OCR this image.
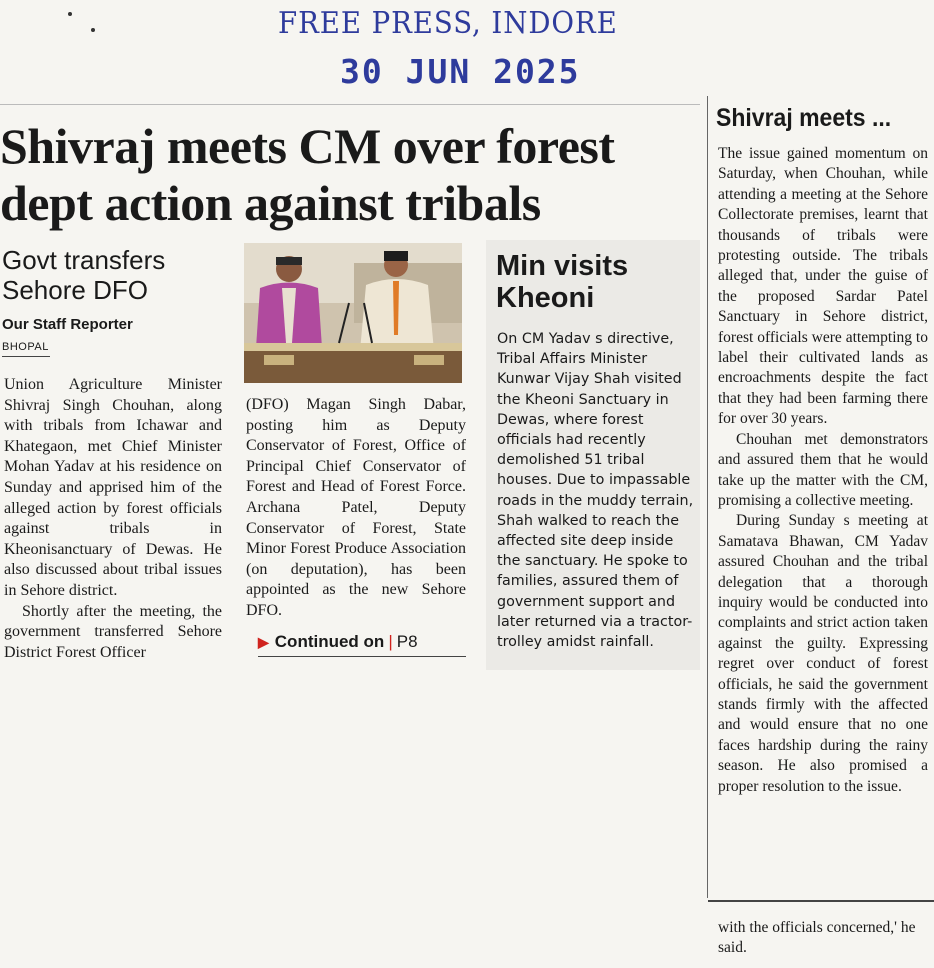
FREE PRESS, INDORE
30 JUN 2025
Shivraj meets CM over forest
dept action against tribals
Govt transfers
Sehore DFO
Our Staff Reporter
BHOPAL

Union Agriculture Minister Shivraj Singh Chouhan, along with tribals from Ichawar and Khategaon, met Chief Minister Mohan Yadav at his residence on Sunday and apprised him of the alleged action by forest officials against tribals in Kheonisanctuary of Dewas. He also discussed about tribal issues in Sehore district.

Shortly after the meeting, the government transferred Sehore District Forest Officer

(DFO) Magan Singh Dabar, posting him as Deputy Conservator of Forest, Office of Principal Chief Conservator of Forest and Head of Forest Force. Archana Patel, Deputy Conservator of Forest, State Minor Forest Produce Association (on deputation), has been appointed as the new Sehore DFO.

▶ Continued on | P8
Min visits
Kheoni
On CM Yadav s directive, Tribal Affairs Minister Kunwar Vijay Shah visited the Kheoni Sanctuary in Dewas, where forest officials had recently demolished 51 tribal houses. Due to impassable roads in the muddy terrain, Shah walked to reach the affected site deep inside the sanctuary. He spoke to families, assured them of government support and later returned via a tractor-trolley amidst rainfall.
Shivraj meets ...

The issue gained momentum on Saturday, when Chouhan, while attending a meeting at the Sehore Collectorate premises, learnt that thousands of tribals were protesting outside. The tribals alleged that, under the guise of the proposed Sardar Patel Sanctuary in Sehore district, forest officials were attempting to label their cultivated lands as encroachments despite the fact that they had been farming there for over 30 years.

Chouhan met demonstrators and assured them that he would take up the matter with the CM, promising a collective meeting.

During Sunday s meeting at Samatava Bhawan, CM Yadav assured Chouhan and the tribal delegation that a thorough inquiry would be conducted into complaints and strict action taken against the guilty. Expressing regret over conduct of forest officials, he said the government stands firmly with the affected and would ensure that no one faces hardship during the rainy season. He also promised a proper resolution to the issue.

with the officials concerned,' he said.
